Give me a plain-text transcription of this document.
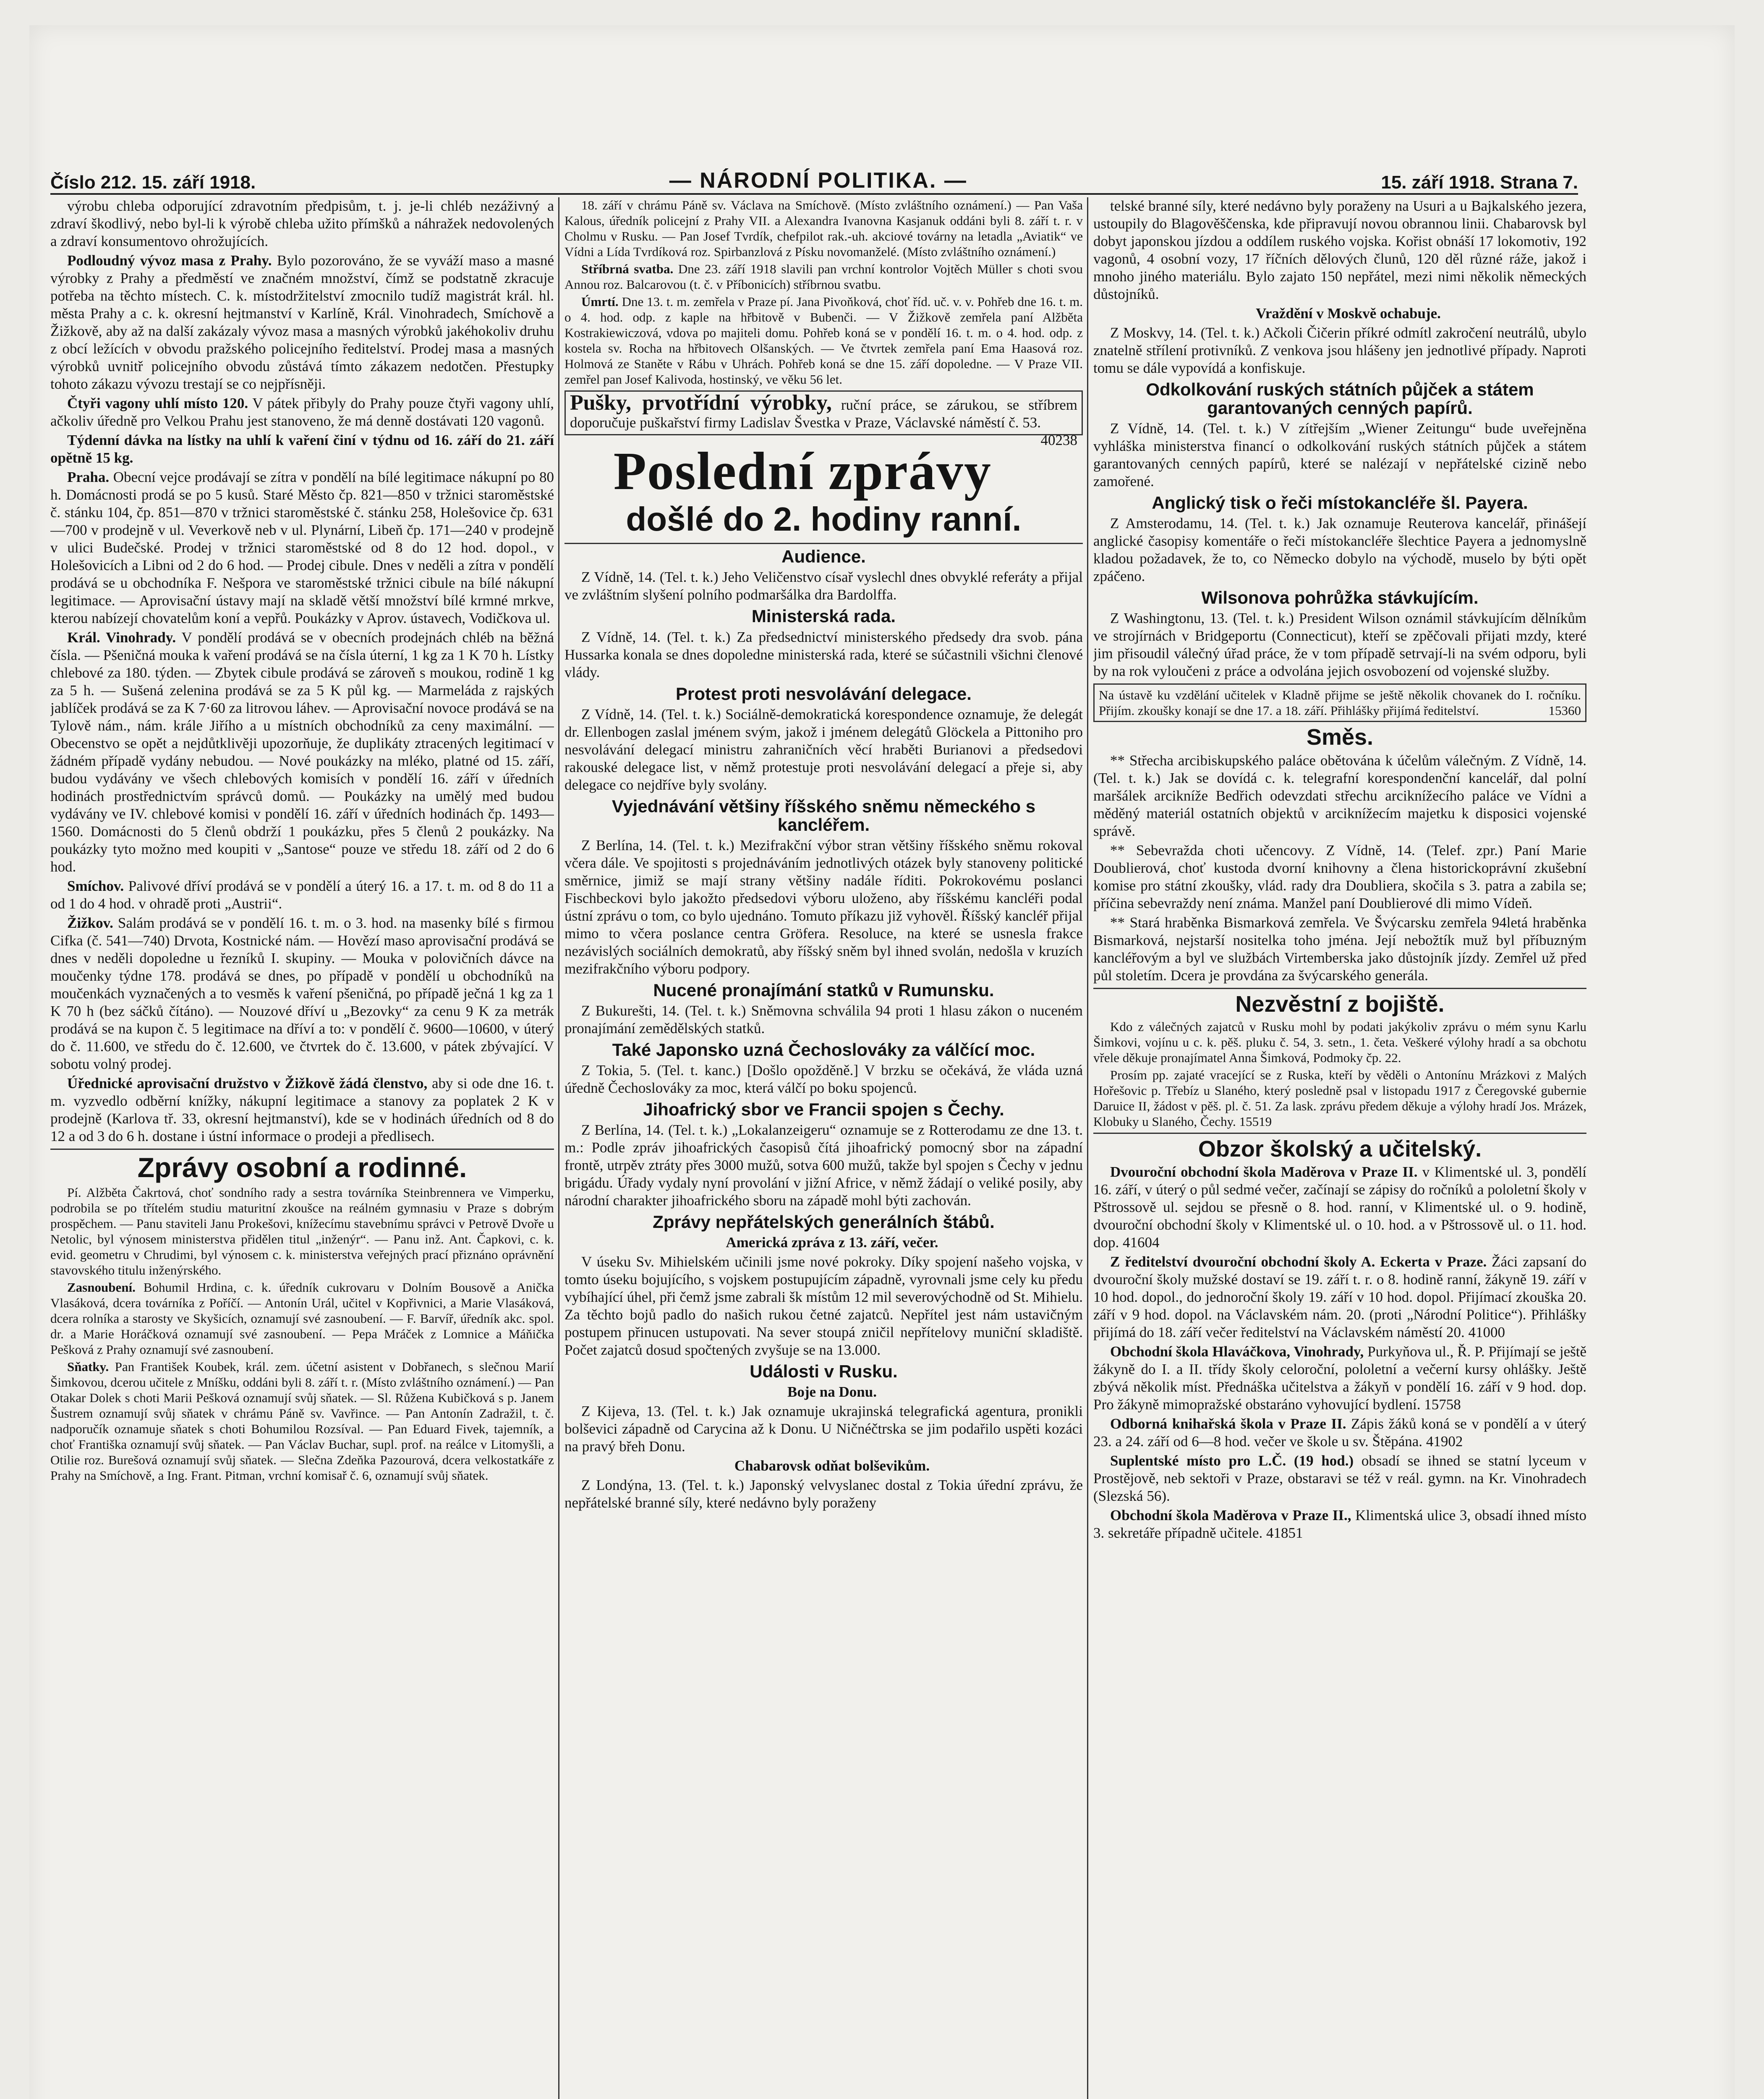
Číslo 212. 15. září 1918.	— NÁRODNÍ POLITIKA. —	15. září 1918. Strana 7.

výrobu chleba odporující zdravotním předpisům, t. j. je-li chléb nezáživný a zdraví škodlivý, nebo byl-li k výrobě chleba užito přímšků a náhražek nedovolených a zdraví konsumentovo ohrožujících.

Podloudný vývoz masa z Prahy. Bylo pozorováno, že se vyváží maso a masné výrobky z Prahy a předměstí ve značném množství, čímž se podstatně zkracuje potřeba na těchto místech. C. k. místodržitelství zmocnilo tudíž magistrát král. hl. města Prahy a c. k. okresní hejtmanství v Karlíně, Král. Vinohradech, Smíchově a Žižkově, aby až na další zakázaly vývoz masa a masných výrobků jakéhokoliv druhu z obcí ležících v obvodu pražského policejního ředitelství. Prodej masa a masných výrobků uvnitř policejního obvodu zůstává tímto zákazem nedotčen. Přestupky tohoto zákazu vývozu trestají se co nejpřísněji.

Čtyři vagony uhlí místo 120. V pátek přibyly do Prahy pouze čtyři vagony uhlí, ačkoliv úředně pro Velkou Prahu jest stanoveno, že má denně dostávati 120 vagonů.

Týdenní dávka na lístky na uhlí k vaření činí v týdnu od 16. září do 21. září opětně 15 kg.

Praha. Obecní vejce prodávají se zítra v pondělí na bílé legitimace nákupní po 80 h. Domácnosti prodá se po 5 kusů. Staré Město čp. 821—850 v tržnici staroměstské č. stánku 104, čp. 851—870 v tržnici staroměstské č. stánku 258, Holešovice čp. 631—700 v prodejně v ul. Veverkově neb v ul. Plynární, Libeň čp. 171—240 v prodejně v ulici Budečské. Prodej v tržnici staroměstské od 8 do 12 hod. dopol., v Holešovicích a Libni od 2 do 6 hod. — Prodej cibule. Dnes v neděli a zítra v pondělí prodává se u obchodníka F. Nešpora ve staroměstské tržnici cibule na bílé nákupní legitimace. — Aprovisační ústavy mají na skladě větší množství bílé krmné mrkve, kterou nabízejí chovatelům koní a vepřů. Poukázky v Aprov. ústavech, Vodičkova ul.

Král. Vinohrady. V pondělí prodává se v obecních prodejnách chléb na běžná čísla. — Pšeničná mouka k vaření prodává se na čísla úterní, 1 kg za 1 K 70 h. Lístky chlebové za 180. týden. — Zbytek cibule prodává se zároveň s moukou, rodině 1 kg za 5 h. — Sušená zelenina prodává se za 5 K půl kg. — Marmeláda z rajských jablíček prodává se za K 7·60 za litrovou láhev. — Aprovisační novoce prodává se na Tylově nám., nám. krále Jiřího a u místních obchodníků za ceny maximální. — Obecenstvo se opět a nejdůtklivěji upozorňuje, že duplikáty ztracených legitimací v žádném případě vydány nebudou. — Nové poukázky na mléko, platné od 15. září, budou vydávány ve všech chlebových komisích v pondělí 16. září v úředních hodinách prostřednictvím správců domů. — Poukázky na umělý med budou vydávány ve IV. chlebové komisi v pondělí 16. září v úředních hodinách čp. 1493—1560. Domácnosti do 5 členů obdrží 1 poukázku, přes 5 členů 2 poukázky. Na poukázky tyto možno med koupiti v „Santose“ pouze ve středu 18. září od 2 do 6 hod.

Smíchov. Palivové dříví prodává se v pondělí a úterý 16. a 17. t. m. od 8 do 11 a od 1 do 4 hod. v ohradě proti „Austrii“.

Žižkov. Salám prodává se v pondělí 16. t. m. o 3. hod. na masenky bílé s firmou Cifka (č. 541—740) Drvota, Kostnické nám. — Hovězí maso aprovisační prodává se dnes v neděli dopoledne u řezníků I. skupiny. — Mouka v polovičních dávce na moučenky týdne 178. prodává se dnes, po případě v pondělí u obchodníků na moučenkách vyznačených a to vesměs k vaření pšeničná, po případě ječná 1 kg za 1 K 70 h (bez sáčků čítáno). — Nouzové dříví u „Bezovky“ za cenu 9 K za metrák prodává se na kupon č. 5 legitimace na dříví a to: v pondělí č. 9600—10600, v úterý do č. 11.600, ve středu do č. 12.600, ve čtvrtek do č. 13.600, v pátek zbývající. V sobotu volný prodej.

Úřednické aprovisační družstvo v Žižkově žádá členstvo, aby si ode dne 16. t. m. vyzvedlo odběrní knížky, nákupní legitimace a stanovy za poplatek 2 K v prodejně (Karlova tř. 33, okresní hejtmanství), kde se v hodinách úředních od 8 do 12 a od 3 do 6 h. dostane i ústní informace o prodeji a předlisech.

Zprávy osobní a rodinné.

Pí. Alžběta Čakrtová, choť sondního rady a sestra továrníka Steinbrennera ve Vimperku, podrobila se po třítelém studiu maturitní zkoušce na reálném gymnasiu v Praze s dobrým prospěchem. — Panu staviteli Janu Prokešovi, knížecímu stavebnímu správci v Petrově Dvoře u Netolic, byl výnosem ministerstva přidělen titul „inženýr“. — Panu inž. Ant. Čapkovi, c. k. evid. geometru v Chrudimi, byl výnosem c. k. ministerstva veřejných prací přiznáno oprávnění stavovského titulu inženýrského.

Zasnoubení. Bohumil Hrdina, c. k. úředník cukrovaru v Dolním Bousově a Anička Vlasáková, dcera továrníka z Poříčí. — Antonín Urál, učitel v Kopřivnici, a Marie Vlasáková, dcera rolníka a starosty ve Skyšicích, oznamují své zasnoubení. — F. Barvíř, úředník akc. spol. dr. a Marie Horáčková oznamují své zasnoubení. — Pepa Mráček z Lomnice a Máňička Pešková z Prahy oznamují své zasnoubení.

Sňatky. Pan František Koubek, král. zem. účetní asistent v Dobřanech, s slečnou Marií Šimkovou, dcerou učitele z Mníšku, oddáni byli 8. září t. r. (Místo zvláštního oznámení.) — Pan Otakar Dolek s choti Marii Pešková oznamují svůj sňatek. — Sl. Růžena Kubičková s p. Janem Šustrem oznamují svůj sňatek v chrámu Páně sv. Vavřince. — Pan Antonín Zadražil, t. č. nadporučík oznamuje sňatek s choti Bohumilou Rozsíval. — Pan Eduard Fivek, tajemník, a choť Františka oznamují svůj sňatek. — Pan Václav Buchar, supl. prof. na reálce v Litomyšli, a Otilie roz. Burešová oznamují svůj sňatek. — Slečna Zdeňka Pazourová, dcera velkostatkáře z Prahy na Smíchově, a Ing. Frant. Pitman, vrchní komisař č. 6, oznamují svůj sňatek.

18. září v chrámu Páně sv. Václava na Smíchově. (Místo zvláštního oznámení.) — Pan Vaša Kalous, úředník policejní z Prahy VII. a Alexandra Ivanovna Kasjanuk oddáni byli 8. září t. r. v Cholmu v Rusku. — Pan Josef Tvrdík, chefpilot rak.-uh. akciové továrny na letadla „Aviatik“ ve Vídni a Lída Tvrdíková roz. Spirbanzlová z Písku novomanželé. (Místo zvláštního oznámení.)

Stříbrná svatba. Dne 23. září 1918 slavili pan vrchní kontrolor Vojtěch Müller s choti svou Annou roz. Balcarovou (t. č. v Příbonicích) stříbrnou svatbu.

Úmrtí. Dne 13. t. m. zemřela v Praze pí. Jana Pivoňková, choť říd. uč. v. v. Pohřeb dne 16. t. m. o 4. hod. odp. z kaple na hřbitově v Bubenči. — V Žižkově zemřela paní Alžběta Kostrakiewiczová, vdova po majiteli domu. Pohřeb koná se v pondělí 16. t. m. o 4. hod. odp. z kostela sv. Rocha na hřbitovech Olšanských. — Ve čtvrtek zemřela paní Ema Haasová roz. Holmová ze Staněte v Rábu v Uhrách. Pohřeb koná se dne 15. září dopoledne. — V Praze VII. zemřel pan Josef Kalivoda, hostinský, ve věku 56 let.

Pušky, prvotřídní výrobky, ruční práce, se zárukou, se stříbrem doporučuje puškařství firmy Ladislav Švestka v Praze, Václavské náměstí č. 53.
40238
Poslední zprávy
došlé do 2. hodiny ranní.
Audience.

Z Vídně, 14. (Tel. t. k.) Jeho Veličenstvo císař vyslechl dnes obvyklé referáty a přijal ve zvláštním slyšení polního podmaršálka dra Bardolffa.

Ministerská rada.

Z Vídně, 14. (Tel. t. k.) Za předsednictví ministerského předsedy dra svob. pána Hussarka konala se dnes dopoledne ministerská rada, které se súčastnili všichni členové vlády.

Protest proti nesvolávání delegace.

Z Vídně, 14. (Tel. t. k.) Sociálně-demokratická korespondence oznamuje, že delegát dr. Ellenbogen zaslal jménem svým, jakož i jménem delegátů Glöckela a Pittoniho pro nesvolávání delegací ministru zahraničních věcí hraběti Burianovi a předsedovi rakouské delegace list, v němž protestuje proti nesvolávání delegací a přeje si, aby delegace co nejdříve byly svolány.

Vyjednávání většiny říšského sněmu německého s kancléřem.

Z Berlína, 14. (Tel. t. k.) Mezifrakční výbor stran většiny říšského sněmu rokoval včera dále. Ve spojitosti s projednáváním jednotlivých otázek byly stanoveny politické směrnice, jimiž se mají strany většiny nadále říditi. Pokrokovému poslanci Fischbeckovi bylo jakožto předsedovi výboru uloženo, aby říšskému kancléři podal ústní zprávu o tom, co bylo ujednáno. Tomuto příkazu již vyhověl. Říšský kancléř přijal mimo to včera poslance centra Gröfera. Resoluce, na které se usnesla frakce nezávislých sociálních demokratů, aby říšský sněm byl ihned svolán, nedošla v kruzích mezifrakčního výboru podpory.

Nucené pronajímání statků v Rumunsku.

Z Bukurešti, 14. (Tel. t. k.) Sněmovna schválila 94 proti 1 hlasu zákon o nuceném pronajímání zemědělských statků.

Také Japonsko uzná Čechoslováky za válčící moc.

Z Tokia, 5. (Tel. t. kanc.) [Došlo opožděně.] V brzku se očekává, že vláda uzná úředně Čechoslováky za moc, která válčí po boku spojenců.

Jihoafrický sbor ve Francii spojen s Čechy.

Z Berlína, 14. (Tel. t. k.) „Lokalanzeigeru“ oznamuje se z Rotterodamu ze dne 13. t. m.: Podle zpráv jihoafrických časopisů čítá jihoafrický pomocný sbor na západní frontě, utrpěv ztráty přes 3000 mužů, sotva 600 mužů, takže byl spojen s Čechy v jednu brigádu. Úřady vydaly nyní provolání v jižní Africe, v němž žádají o veliké posily, aby národní charakter jihoafrického sboru na západě mohl býti zachován.

Zprávy nepřátelských generálních štábů.

Americká zpráva z 13. září, večer.

V úseku Sv. Mihielském učinili jsme nové pokroky. Díky spojení našeho vojska, v tomto úseku bojujícího, s vojskem postupujícím západně, vyrovnali jsme cely ku předu vybíhající úhel, při čemž jsme zabrali šk místům 12 mil severovýchodně od St. Mihielu. Za těchto bojů padlo do našich rukou četné zajatců. Nepřítel jest nám ustavičným postupem přinucen ustupovati. Na sever stoupá zničil nepřítelovy muniční skladiště. Počet zajatců dosud spočtených zvyšuje se na 13.000.

Události v Rusku.

Boje na Donu.

Z Kijeva, 13. (Tel. t. k.) Jak oznamuje ukrajinská telegrafická agentura, pronikli bolševici západně od Carycina až k Donu. U Ničnéčtrska se jim podařilo uspěti kozáci na pravý břeh Donu.

Chabarovsk odňat bolševikům.

Z Londýna, 13. (Tel. t. k.) Japonský velvyslanec dostal z Tokia úřední zprávu, že nepřátelské branné síly, které nedávno byly poraženy

telské branné síly, které nedávno byly poraženy na Usuri a u Bajkalského jezera, ustoupily do Blagověščenska, kde připravují novou obrannou linii. Chabarovsk byl dobyt japonskou jízdou a oddílem ruského vojska. Kořist obnáší 17 lokomotiv, 192 vagonů, 4 osobní vozy, 17 říčních dělových člunů, 120 děl různé ráže, jakož i mnoho jiného materiálu. Bylo zajato 150 nepřátel, mezi nimi několik německých důstojníků.

Vraždění v Moskvě ochabuje.

Z Moskvy, 14. (Tel. t. k.) Ačkoli Čičerin příkré odmítl zakročení neutrálů, ubylo znatelně střílení protivníků. Z venkova jsou hlášeny jen jednotlivé případy. Naproti tomu se dále vypovídá a konfiskuje.

Odkolkování ruských státních půjček a státem garantovaných cenných papírů.

Z Vídně, 14. (Tel. t. k.) V zítřejším „Wiener Zeitungu“ bude uveřejněna vyhláška ministerstva financí o odkolkování ruských státních půjček a státem garantovaných cenných papírů, které se nalézají v nepřátelské cizině nebo zamořené.

Anglický tisk o řeči místokancléře šl. Payera.

Z Amsterodamu, 14. (Tel. t. k.) Jak oznamuje Reuterova kancelář, přinášejí anglické časopisy komentáře o řeči místokancléře šlechtice Payera a jednomyslně kladou požadavek, že to, co Německo dobylo na východě, muselo by býti opět zpáčeno.

Wilsonova pohrůžka stávkujícím.

Z Washingtonu, 13. (Tel. t. k.) President Wilson oznámil stávkujícím dělníkům ve strojírnách v Bridgeportu (Connecticut), kteří se zpěčovali přijati mzdy, které jim přisoudil válečný úřad práce, že v tom případě setrvají-li na svém odporu, byli by na rok vyloučeni z práce a odvolána jejich osvobození od vojenské služby.

Na ústavě ku vzdělání učitelek v Kladně přijme se ještě několik chovanek do I. ročníku. Přijím. zkoušky konají se dne 17. a 18. září. Přihlášky přijímá ředitelství.	15360
Směs.

** Střecha arcibiskupského paláce obětována k účelům válečným. Z Vídně, 14. (Tel. t. k.) Jak se dovídá c. k. telegrafní korespondenční kancelář, dal polní maršálek arcikníže Bedřich odevzdati střechu arciknížecího paláce ve Vídni a měděný materiál ostatních objektů v arciknížecím majetku k disposici vojenské správě.

** Sebevražda choti učencovy. Z Vídně, 14. (Telef. zpr.) Paní Marie Doublierová, choť kustoda dvorní knihovny a člena historickoprávní zkušební komise pro státní zkoušky, vlád. rady dra Doubliera, skočila s 3. patra a zabila se; příčina sebevraždy není známa. Manžel paní Doublierové dli mimo Vídeň.

** Stará hraběnka Bismarková zemřela. Ve Švýcarsku zemřela 94letá hraběnka Bismarková, nejstarší nositelka toho jména. Její nebožtík muž byl příbuzným kancléřovým a byl ve službách Virtemberska jako důstojník jízdy. Zemřel už před půl stoletím. Dcera je provdána za švýcarského generála.

Nezvěstní z bojiště.

Kdo z válečných zajatců v Rusku mohl by podati jakýkoliv zprávu o mém synu Karlu Šimkovi, vojínu u c. k. pěš. pluku č. 54, 3. setn., 1. četa. Veškeré výlohy hradí a sa obchotu vřele děkuje pronajímatel Anna Šimková, Podmoky čp. 22.

Prosím pp. zajaté vracející se z Ruska, kteří by věděli o Antonínu Mrázkovi z Malých Hořešovic p. Třebíz u Slaného, který posledně psal v listopadu 1917 z Čeregovské gubernie Daruice II, žádost v pěš. pl. č. 51. Za lask. zprávu předem děkuje a výlohy hradí Jos. Mrázek, Klobuky u Slaného, Čechy. 15519

Obzor školský a učitelský.

Dvouroční obchodní škola Maděrova v Praze II. v Klimentské ul. 3, pondělí 16. září, v úterý o půl sedmé večer, začínají se zápisy do ročníků a pololetní školy v Pštrossově ul. sejdou se přesně o 8. hod. ranní, v Klimentské ul. o 9. hodině, dvouroční obchodní školy v Klimentské ul. o 10. hod. a v Pštrossově ul. o 11. hod. dop. 41604

Z ředitelství dvouroční obchodní školy A. Eckerta v Praze. Žáci zapsaní do dvouroční školy mužské dostaví se 19. září t. r. o 8. hodině ranní, žákyně 19. září v 10 hod. dopol., do jednoroční školy 19. září v 10 hod. dopol. Přijímací zkouška 20. září v 9 hod. dopol. na Václavském nám. 20. (proti „Národní Politice“). Přihlášky přijímá do 18. září večer ředitelství na Václavském náměstí 20. 41000

Obchodní škola Hlaváčkova, Vinohrady, Purkyňova ul., Ř. P. Přijímají se ještě žákyně do I. a II. třídy školy celoroční, pololetní a večerní kursy ohlášky. Ještě zbývá několik míst. Přednáška učitelstva a žákyň v pondělí 16. září v 9 hod. dop. Pro žákyně mimopražské obstaráno vyhovující bydlení. 15758

Odborná knihařská škola v Praze II. Zápis žáků koná se v pondělí a v úterý 23. a 24. září od 6—8 hod. večer ve škole u sv. Štěpána. 41902

Suplentské místo pro L.Č. (19 hod.) obsadí se ihned se statní lyceum v Prostějově, neb sektoři v Praze, obstaravi se též v reál. gymn. na Kr. Vinohradech (Slezská 56).

Obchodní škola Maděrova v Praze II., Klimentská ulice 3, obsadí ihned místo 3. sekretáře případně učitele. 41851
